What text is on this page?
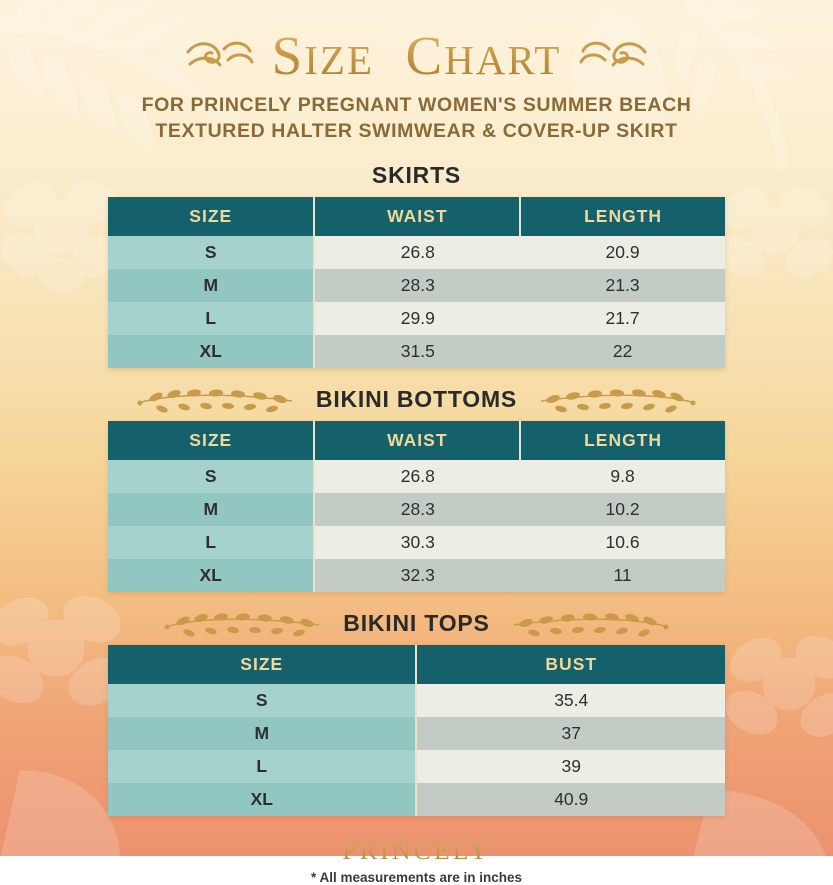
SIZE CHART
FOR PRINCELY PREGNANT WOMEN'S SUMMER BEACH
TEXTURED HALTER SWIMWEAR & COVER-UP SKIRT
SKIRTS
SIZE	WAIST	LENGTH
S	26.8	20.9
M	28.3	21.3
L	29.9	21.7
XL	31.5	22
BIKINI BOTTOMS
SIZE	WAIST	LENGTH
S	26.8	9.8
M	28.3	10.2
L	30.3	10.6
XL	32.3	11
BIKINI TOPS
SIZE	BUST
S	35.4
M	37
L	39
XL	40.9
PRINCELY
* All measurements are in inches
